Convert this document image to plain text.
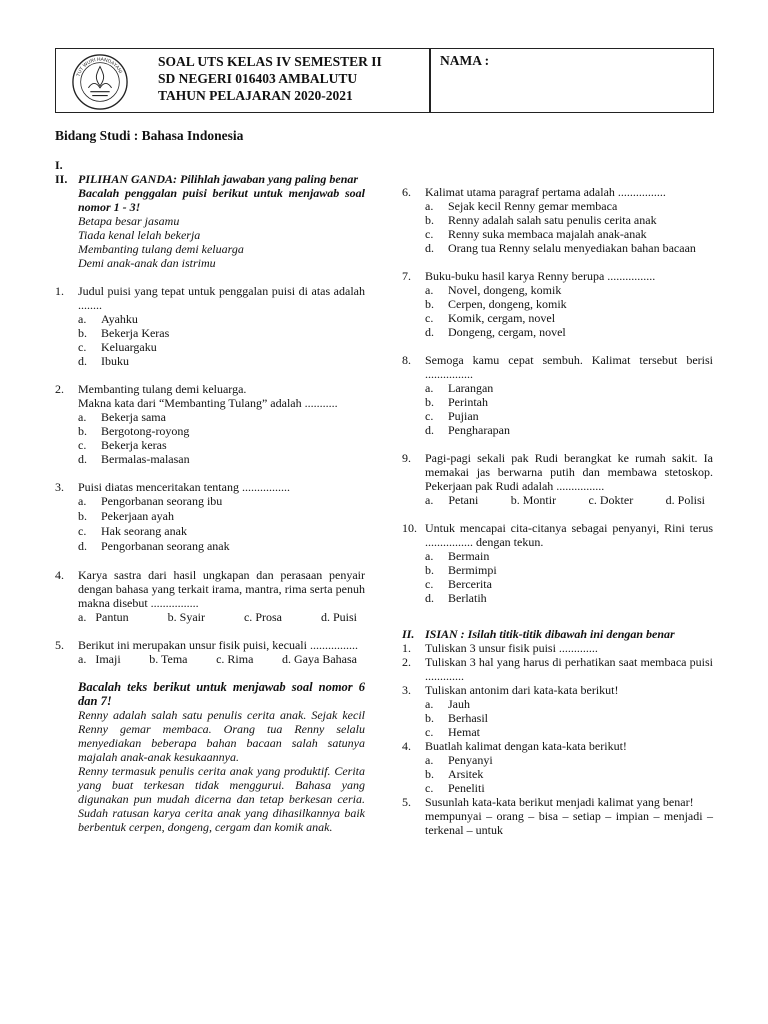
TUT WURI HANDAYANI
SOAL UTS KELAS IV SEMESTER II
SD NEGERI 016403 AMBALUTU
TAHUN PELAJARAN 2020-2021
NAMA :
Bidang Studi : Bahasa Indonesia
I.
II. PILIHAN GANDA: Pilihlah jawaban yang paling benar
Bacalah penggalan puisi berikut untuk menjawab soal nomor 1 - 3!
Betapa besar jasamu
Tiada kenal lelah bekerja
Membanting tulang demi keluarga
Demi anak-anak dan istrimu
1.	Judul puisi yang tepat untuk penggalan puisi di atas adalah ........
a.	Ayahku
b.	Bekerja Keras
c.	Keluargaku
d.	Ibuku
2.	Membanting tulang demi keluarga.
Makna kata dari “Membanting Tulang” adalah ...........
a.	Bekerja sama
b.	Bergotong-royong
c.	Bekerja keras
d.	Bermalas-malasan
3.	Puisi diatas menceritakan tentang ................
a.	Pengorbanan seorang ibu
b.	Pekerjaan ayah
c.	Hak seorang anak
d.	Pengorbanan seorang anak
4.	Karya sastra dari hasil ungkapan dan perasaan penyair dengan bahasa yang terkait irama, mantra, rima serta penuh makna disebut ................
a. Pantun	b. Syair	c. Prosa	d. Puisi
5.	Berikut ini merupakan unsur fisik puisi, kecuali ................
a. Imaji b. Tema c. Rima d. Gaya Bahasa
Bacalah teks berikut untuk menjawab soal nomor 6 dan 7!
Renny adalah salah satu penulis cerita anak. Sejak kecil Renny gemar membaca. Orang tua Renny selalu menyediakan beberapa bahan bacaan salah satunya majalah anak-anak kesukaannya.
Renny termasuk penulis cerita anak yang produktif. Cerita yang buat terkesan tidak menggurui. Bahasa yang digunakan pun mudah dicerna dan tetap berkesan ceria. Sudah ratusan karya cerita anak yang dihasilkannya baik berbentuk cerpen, dongeng, cergam dan komik anak.
6.	Kalimat utama paragraf pertama adalah ................
a.	Sejak kecil Renny gemar membaca
b.	Renny adalah salah satu penulis cerita anak
c.	Renny suka membaca majalah anak-anak
d.	Orang tua Renny selalu menyediakan bahan bacaan
7.	Buku-buku hasil karya Renny berupa ................
a.	Novel, dongeng, komik
b.	Cerpen, dongeng, komik
c.	Komik, cergam, novel
d.	Dongeng, cergam, novel
8.	Semoga kamu cepat sembuh. Kalimat tersebut berisi ................
a.	Larangan
b.	Perintah
c.	Pujian
d.	Pengharapan
9.	Pagi-pagi sekali pak Rudi berangkat ke rumah sakit. Ia memakai jas berwarna putih dan membawa stetoskop. Pekerjaan pak Rudi adalah ................
a. Petani	b. Montir	c. Dokter	d. Polisi
10. Untuk mencapai cita-citanya sebagai penyanyi, Rini terus ................ dengan tekun.
a.	Bermain
b.	Bermimpi
c.	Bercerita
d.	Berlatih
II. ISIAN : Isilah titik-titik dibawah ini dengan benar
1.	Tuliskan 3 unsur fisik puisi .............
2.	Tuliskan 3 hal yang harus di perhatikan saat membaca puisi .............
3.	Tuliskan antonim dari kata-kata berikut!
a.	Jauh
b.	Berhasil
c.	Hemat
4.	Buatlah kalimat dengan kata-kata berikut!
a.	Penyanyi
b.	Arsitek
c.	Peneliti
5.	Susunlah kata-kata berikut menjadi kalimat yang benar!
mempunyai – orang – bisa – setiap – impian – menjadi – terkenal – untuk
